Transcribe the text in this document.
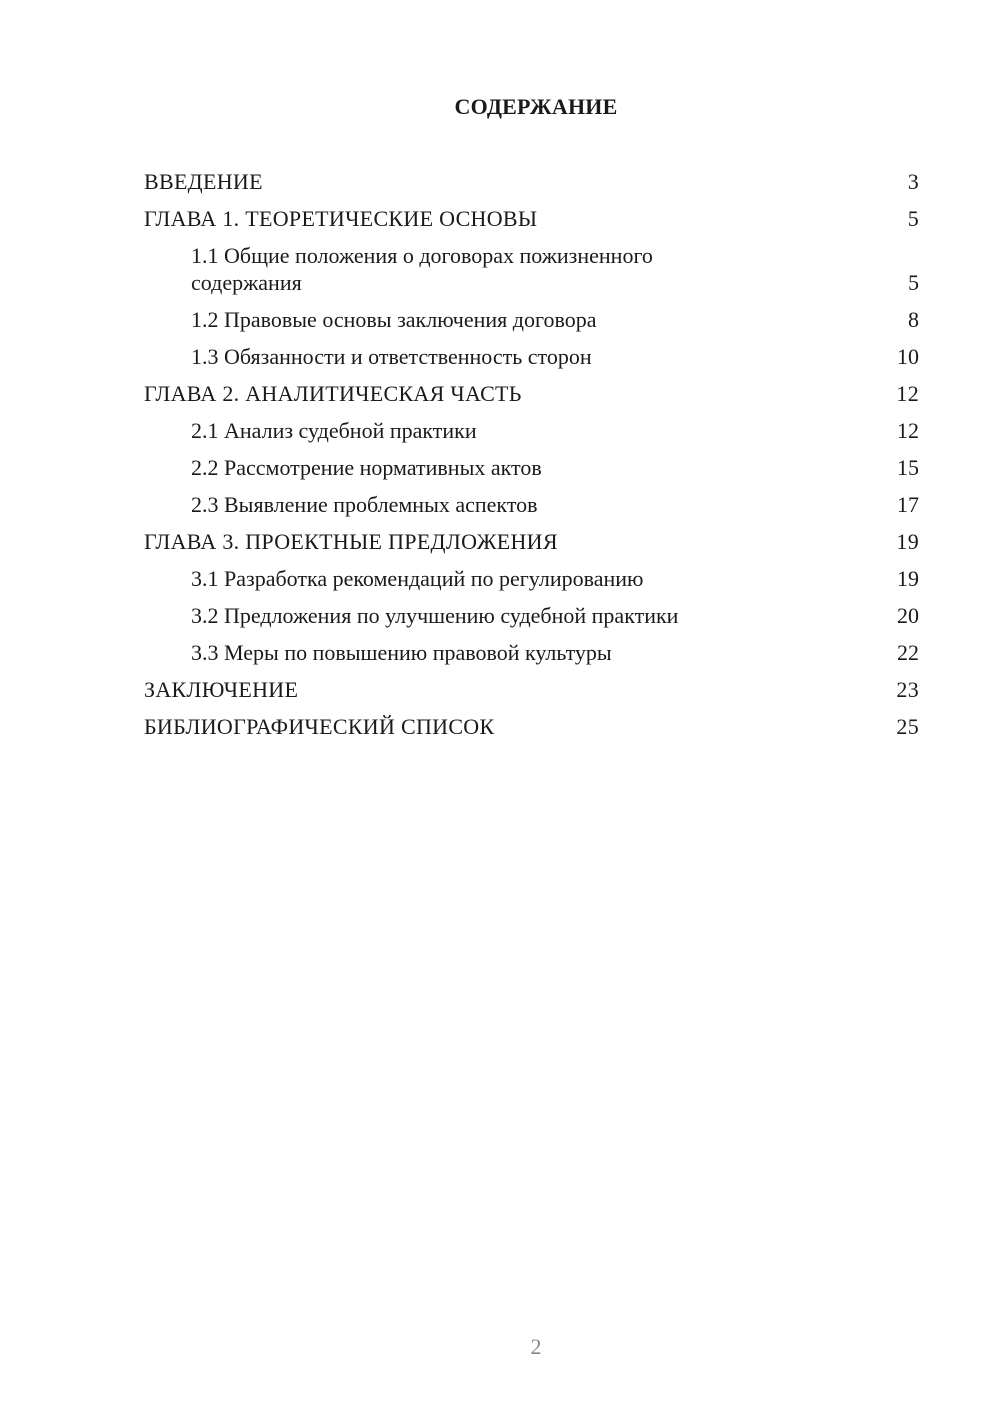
СОДЕРЖАНИЕ
ВВЕДЕНИЕ	3
ГЛАВА 1. ТЕОРЕТИЧЕСКИЕ ОСНОВЫ	5
1.1 Общие положения о договорах пожизненного содержания	5
1.2 Правовые основы заключения договора	8
1.3 Обязанности и ответственность сторон	10
ГЛАВА 2. АНАЛИТИЧЕСКАЯ ЧАСТЬ	12
2.1 Анализ судебной практики	12
2.2 Рассмотрение нормативных актов	15
2.3 Выявление проблемных аспектов	17
ГЛАВА 3. ПРОЕКТНЫЕ ПРЕДЛОЖЕНИЯ	19
3.1 Разработка рекомендаций по регулированию	19
3.2 Предложения по улучшению судебной практики	20
3.3 Меры по повышению правовой культуры	22
ЗАКЛЮЧЕНИЕ	23
БИБЛИОГРАФИЧЕСКИЙ СПИСОК	25
2
